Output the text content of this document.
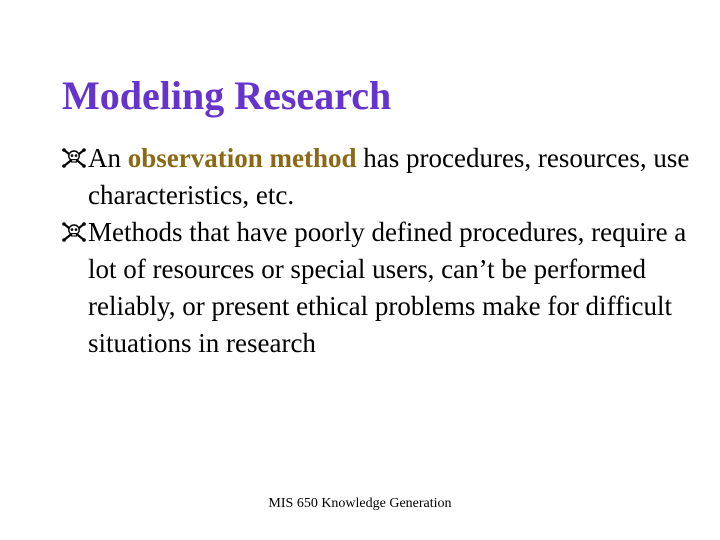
Modeling Research
An observation method has procedures, resources, use characteristics, etc.
Methods that have poorly defined procedures, require a lot of resources or special users, can’t be performed reliably, or present ethical problems make for difficult situations in research
MIS 650 Knowledge Generation
